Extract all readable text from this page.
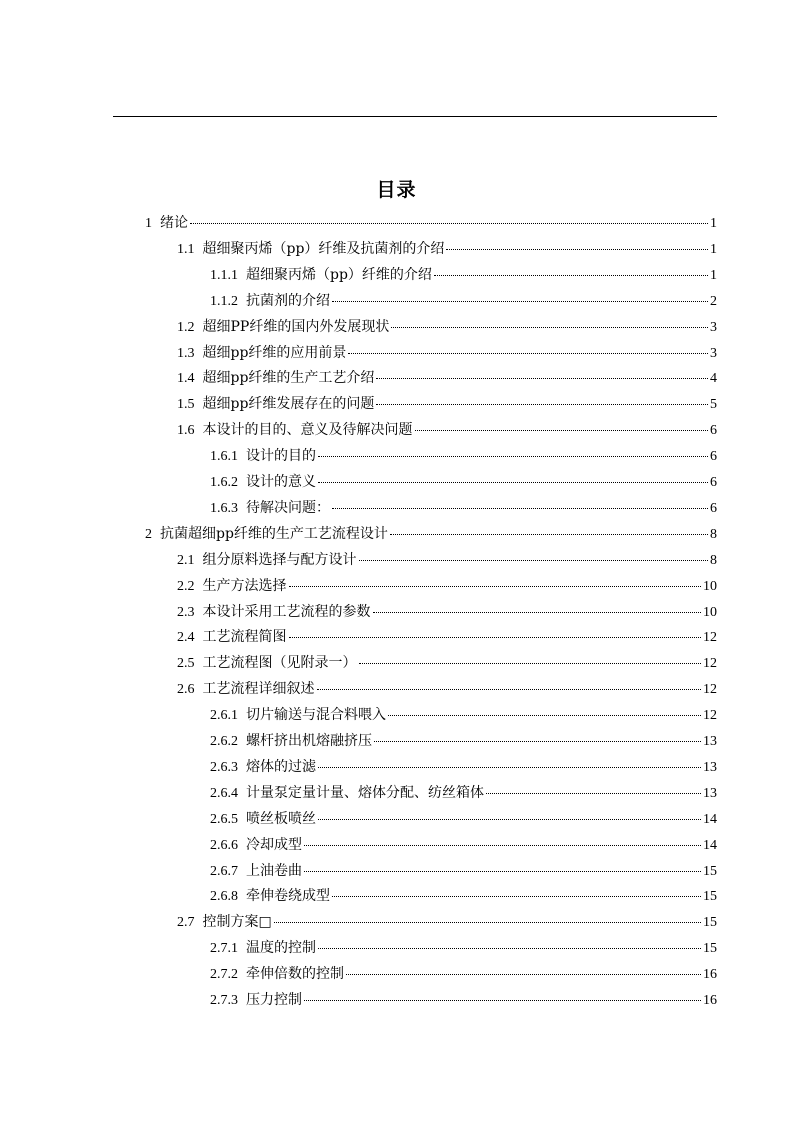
目录
1 绪论	1
1.1 超细聚丙烯（pp）纤维及抗菌剂的介绍	1
1.1.1 超细聚丙烯（pp）纤维的介绍	1
1.1.2 抗菌剂的介绍	2
1.2 超细PP纤维的国内外发展现状	3
1.3 超细pp纤维的应用前景	3
1.4 超细pp纤维的生产工艺介绍	4
1.5 超细pp纤维发展存在的问题	5
1.6 本设计的目的、意义及待解决问题	6
1.6.1 设计的目的	6
1.6.2 设计的意义	6
1.6.3 待解决问题：	6
2 抗菌超细pp纤维的生产工艺流程设计	8
2.1 组分原料选择与配方设计	8
2.2 生产方法选择	10
2.3 本设计采用工艺流程的参数	10
2.4 工艺流程简图	12
2.5 工艺流程图（见附录一）	12
2.6 工艺流程详细叙述	12
2.6.1 切片输送与混合料喂入	12
2.6.2 螺杆挤出机熔融挤压	13
2.6.3 熔体的过滤	13
2.6.4 计量泵定量计量、熔体分配、纺丝箱体	13
2.6.5 喷丝板喷丝	14
2.6.6 冷却成型	14
2.6.7 上油卷曲	15
2.6.8 牵伸卷绕成型	15
2.7 控制方案□	15
2.7.1 温度的控制	15
2.7.2 牵伸倍数的控制	16
2.7.3 压力控制	16
